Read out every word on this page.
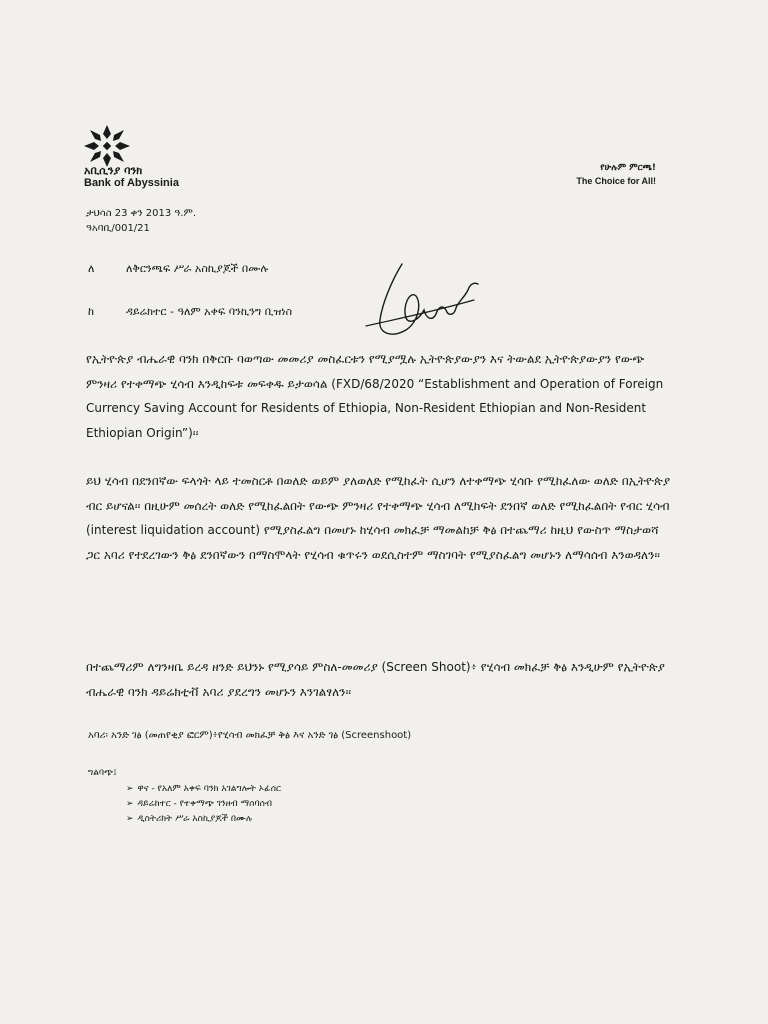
አቢሲንያ ባንክ
Bank of Abyssinia
የሁሉም ምርጫ!
The Choice for All!
ታህሳስ 23 ቀን 2013 ዓ.ም.
ዓአባቢ/001/21
ለ	ለቅርንጫፍ ሥራ አስኪያጆች በሙሉ
ከ	ዳይሬክተር - ዓለም አቀፍ ባንኪንግ ቢዝነስ
የኢትዮጵያ ብሔራዊ ባንክ በቅርቡ ባወጣው መመሪያ መስፈርቱን የሚያሟሉ ኢትዮጵያውያን እና ትውልደ ኢትዮጵያውያን የውጭ ምንዛሪ የተቀማጭ ሂሳብ እንዲከፍቱ መፍቀዱ ይታወሳል (FXD/68/2020 “Establishment and Operation of Foreign Currency Saving Account for Residents of Ethiopia, Non-Resident Ethiopian and Non-Resident Ethiopian Origin”)፡፡
ይህ ሂሳብ በደንበኛው ፍላጎት ላይ ተመስርቶ በወለድ ወይም ያለወለድ የሚከፈት ሲሆን ለተቀማጭ ሂሳቡ የሚከፈለው ወለድ በኢትዮጵያ ብር ይሆናል፡፡ በዚሁም መሰረት ወለድ የሚከፈልበት የውጭ ምንዛሪ የተቀማጭ ሂሳብ ለሚከፍት ደንበኛ ወለድ የሚከፈልበት የብር ሂሳብ (interest liquidation account) የሚያስፈልግ በመሆኑ ከሂሳብ መክፈቻ ማመልከቻ ቅፅ በተጨማሪ ከዚህ የውስጥ ማስታወሻ ጋር አባሪ የተደረገውን ቅፅ ደንበኛውን በማስሞላት የሂሳብ ቁጥሩን ወደሲስተም ማስገባት የሚያስፈልግ መሆኑን ለማሳሰብ እንወዳለን፡፡
በተጨማሪም ለግንዛቤ ይረዳ ዘንድ ይህንኑ የሚያሳይ ምስለ-መመሪያ (Screen Shoot)፥ የሂሳብ መክፈቻ ቅፅ እንዲሁም የኢትዮጵያ ብሔራዊ ባንክ ዳይሬክቲቭ አባሪ ያደረግን መሆኑን እንገልፃለን፡፡
አባሪ፡ አንድ ገፅ (መጠየቂያ ፎርም)፥የሂሳብ መክፈቻ ቅፅ እና አንድ ገፅ (Screenshoot)
ግልባጭ፤
➢ ዋና - የአለም አቀፍ ባንክ አገልግሎት ኦፊሰር
➢ ዳይሬክተር - የተቀማጭ ገንዘብ ማሰባሰብ
➢ ዲስትሪክት ሥራ አስኪያጆች በሙሉ
